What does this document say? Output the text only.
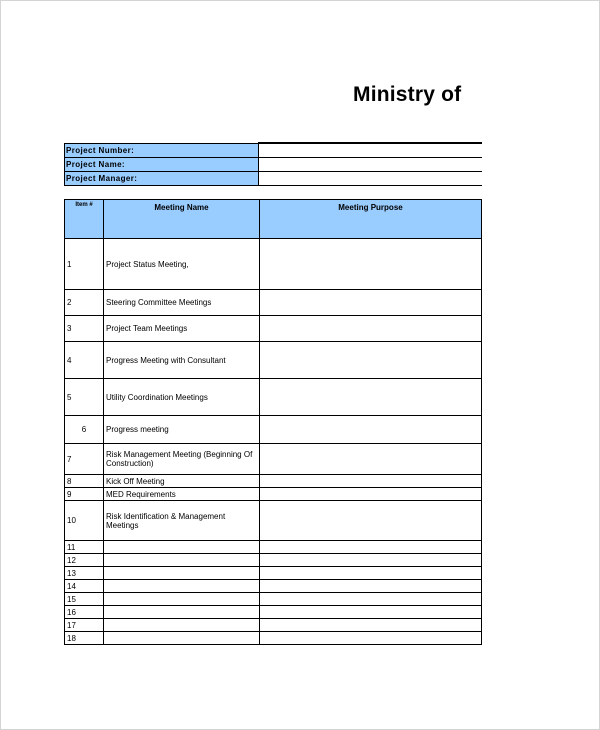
Ministry of
Project Number:	
Project Name:	
Project Manager:	
Item #	Meeting Name	Meeting Purpose
1	Project Status Meeting,	
2	Steering Committee Meetings	
3	Project Team Meetings	
4	Progress Meeting with Consultant	
5	Utility Coordination Meetings	
6	Progress meeting	
7	Risk Management Meeting (Beginning Of Construction)	
8	Kick Off Meeting	
9	MED Requirements	
10	Risk Identification & Management Meetings	
11		
12		
13		
14		
15		
16		
17		
18		
